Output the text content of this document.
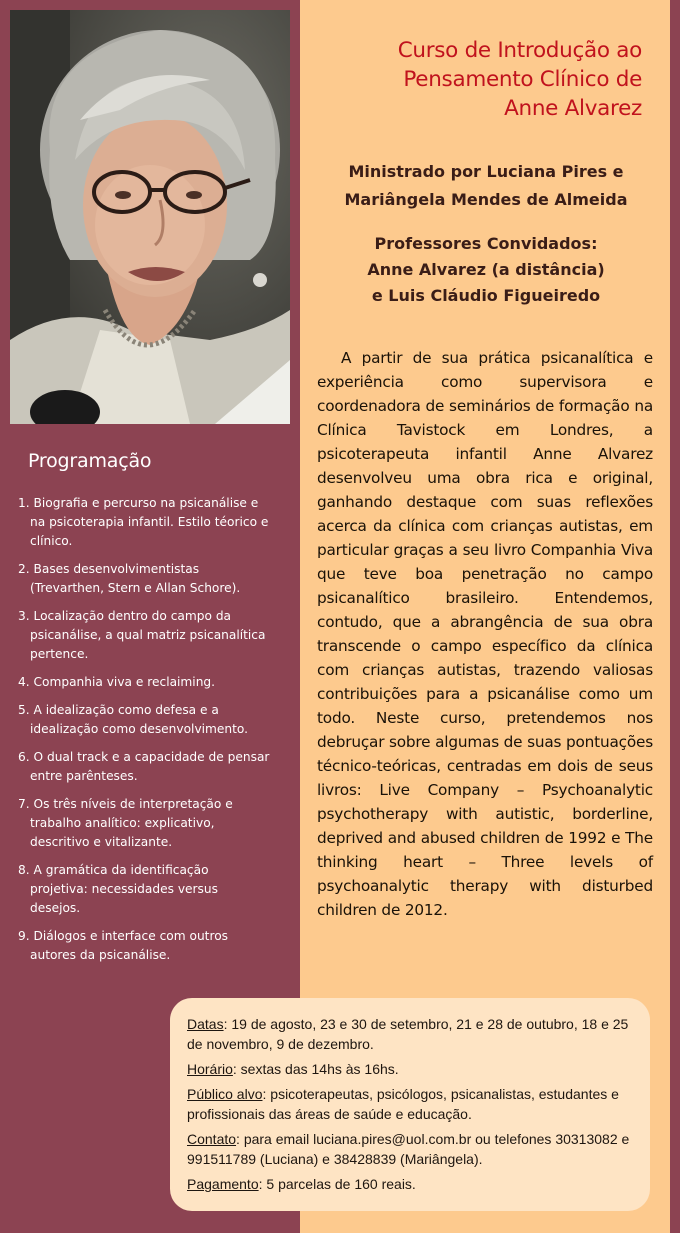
Curso de Introdução ao
Pensamento Clínico de
Anne Alvarez
Ministrado por Luciana Pires e
Mariângela Mendes de Almeida
Professores Convidados:
Anne Alvarez (a distância)
e Luis Cláudio Figueiredo
A partir de sua prática psicanalítica e experiência como supervisora e coordenadora de seminários de formação na Clínica Tavistock em Londres, a psicoterapeuta infantil Anne Alvarez desenvolveu uma obra rica e original, ganhando destaque com suas reflexões acerca da clínica com crianças autistas, em particular graças a seu livro Companhia Viva que teve boa penetração no campo psicanalítico brasileiro. Entendemos, contudo, que a abrangência de sua obra transcende o campo específico da clínica com crianças autistas, trazendo valiosas contribuições para a psicanálise como um todo. Neste curso, pretendemos nos debruçar sobre algumas de suas pontuações técnico-teóricas, centradas em dois de seus livros: Live Company – Psychoanalytic psychotherapy with autistic, borderline, deprived and abused children de 1992 e The thinking heart – Three levels of psychoanalytic therapy with disturbed children de 2012.
Programação
1. Biografia e percurso na psicanálise e na psicoterapia infantil. Estilo téorico e clínico.
2. Bases desenvolvimentistas (Trevarthen, Stern e Allan Schore).
3. Localização dentro do campo da psicanálise, a qual matriz psicanalítica pertence.
4. Companhia viva e reclaiming.
5. A idealização como defesa e a idealização como desenvolvimento.
6. O dual track e a capacidade de pensar entre parênteses.
7. Os três níveis de interpretação e trabalho analítico: explicativo, descritivo e vitalizante.
8. A gramática da identificação projetiva: necessidades versus desejos.
9. Diálogos e interface com outros autores da psicanálise.

Datas: 19 de agosto, 23 e 30 de setembro, 21 e 28 de outubro, 18 e 25 de novembro, 9 de dezembro.

Horário: sextas das 14hs às 16hs.

Público alvo: psicoterapeutas, psicólogos, psicanalistas, estudantes e profissionais das áreas de saúde e educação.

Contato: para email luciana.pires@uol.com.br ou telefones 30313082 e 991511789 (Luciana) e 38428839 (Mariângela).

Pagamento: 5 parcelas de 160 reais.
